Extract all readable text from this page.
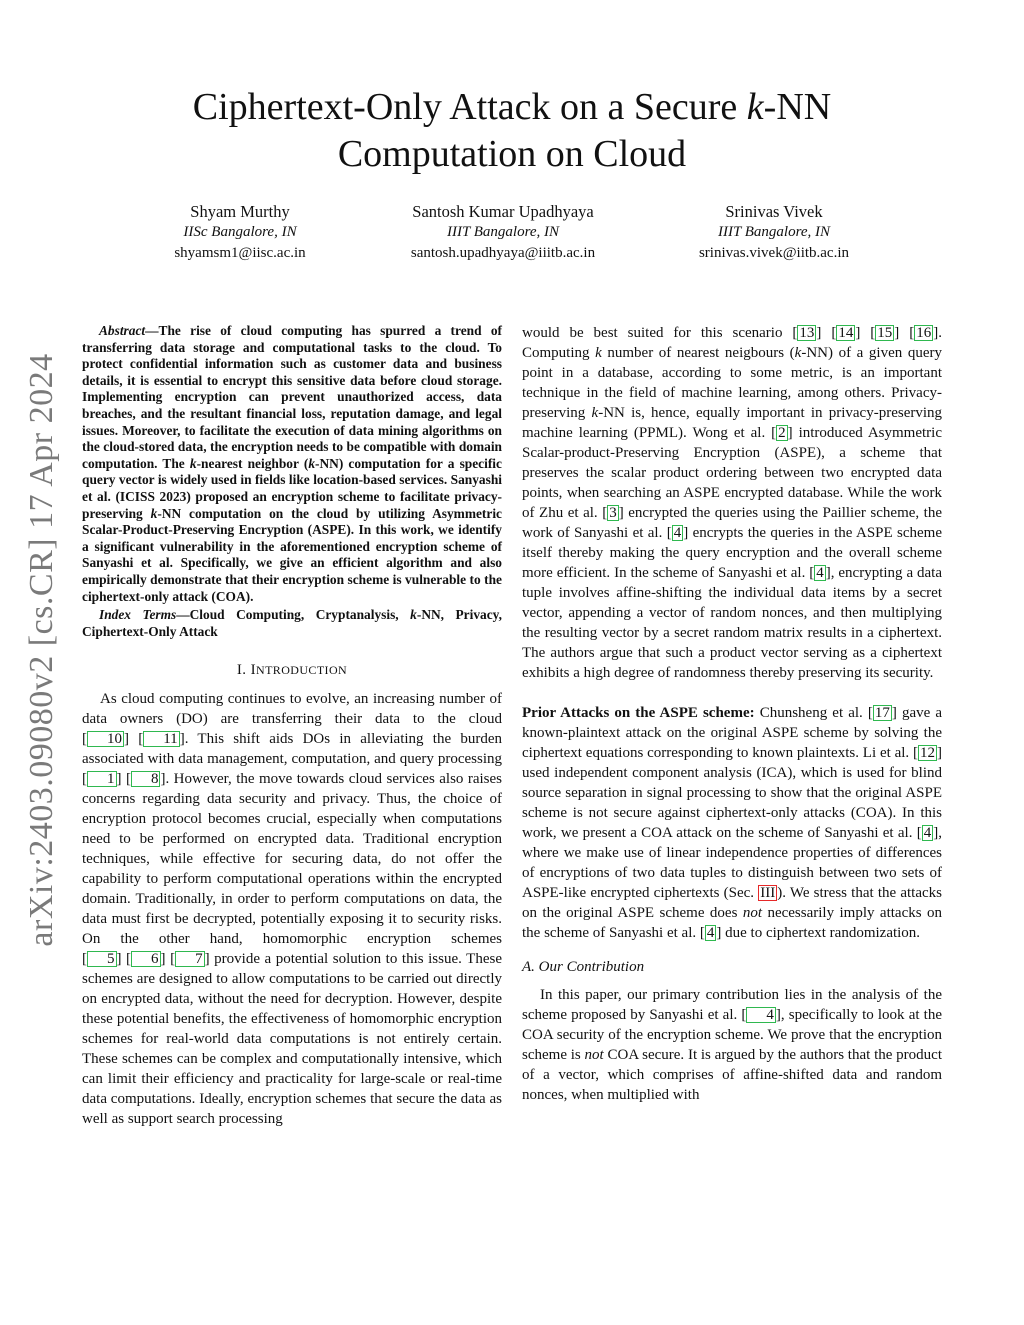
arXiv:2403.09080v2 [cs.CR] 17 Apr 2024
Ciphertext-Only Attack on a Secure k-NN
Computation on Cloud
Shyam Murthy
IISc Bangalore, IN
shyamsm1@iisc.ac.in
Santosh Kumar Upadhyaya
IIIT Bangalore, IN
santosh.upadhyaya@iiitb.ac.in
Srinivas Vivek
IIIT Bangalore, IN
srinivas.vivek@iitb.ac.in

Abstract—The rise of cloud computing has spurred a trend of transferring data storage and computational tasks to the cloud. To protect confidential information such as customer data and business details, it is essential to encrypt this sensitive data before cloud storage. Implementing encryption can prevent unauthorized access, data breaches, and the resultant financial loss, reputation damage, and legal issues. Moreover, to facilitate the execution of data mining algorithms on the cloud-stored data, the encryption needs to be compatible with domain computation. The k-nearest neighbor (k-NN) computation for a specific query vector is widely used in fields like location-based services. Sanyashi et al. (ICISS 2023) proposed an encryption scheme to facilitate privacy-preserving k-NN computation on the cloud by utilizing Asymmetric Scalar-Product-Preserving Encryption (ASPE). In this work, we identify a significant vulnerability in the aforementioned encryption scheme of Sanyashi et al. Specifically, we give an efficient algorithm and also empirically demonstrate that their encryption scheme is vulnerable to the ciphertext-only attack (COA).

Index Terms—Cloud Computing, Cryptanalysis, k-NN, Privacy, Ciphertext-Only Attack

I. INTRODUCTION

As cloud computing continues to evolve, an increasing number of data owners (DO) are transferring their data to the cloud [ 10 ] [ 11 ]. This shift aids DOs in alleviating the burden associated with data management, computation, and query processing [ 1 ] [ 8 ]. However, the move towards cloud services also raises concerns regarding data security and privacy. Thus, the choice of encryption protocol becomes crucial, especially when computations need to be performed on encrypted data. Traditional encryption techniques, while effective for securing data, do not offer the capability to perform computational operations within the encrypted domain. Traditionally, in order to perform computations on data, the data must first be decrypted, potentially exposing it to security risks. On the other hand, homomorphic encryption schemes [ 5 ] [ 6 ] [ 7 ] provide a potential solution to this issue. These schemes are designed to allow computations to be carried out directly on encrypted data, without the need for decryption. However, despite these potential benefits, the effectiveness of homomorphic encryption schemes for real-world data computations is not entirely certain. These schemes can be complex and computationally intensive, which can limit their efficiency and practicality for large-scale or real-time data computations. Ideally, encryption schemes that secure the data as well as support search processing

would be best suited for this scenario [ 13 ] [ 14 ] [ 15 ] [ 16 ]. Computing k number of nearest neigbours (k-NN) of a given query point in a database, according to some metric, is an important technique in the field of machine learning, among others. Privacy-preserving k-NN is, hence, equally important in privacy-preserving machine learning (PPML). Wong et al. [ 2 ] introduced Asymmetric Scalar-product-Preserving Encryption (ASPE), a scheme that preserves the scalar product ordering between two encrypted data points, when searching an ASPE encrypted database. While the work of Zhu et al. [ 3 ] encrypted the queries using the Paillier scheme, the work of Sanyashi et al. [ 4 ] encrypts the queries in the ASPE scheme itself thereby making the query encryption and the overall scheme more efficient. In the scheme of Sanyashi et al. [ 4 ], encrypting a data tuple involves affine-shifting the individual data items by a secret vector, appending a vector of random nonces, and then multiplying the resulting vector by a secret random matrix results in a ciphertext. The authors argue that such a product vector serving as a ciphertext exhibits a high degree of randomness thereby preserving its security.

Prior Attacks on the ASPE scheme: Chunsheng et al. [ 17 ] gave a known-plaintext attack on the original ASPE scheme by solving the ciphertext equations corresponding to known plaintexts. Li et al. [ 12 ] used independent component analysis (ICA), which is used for blind source separation in signal processing to show that the original ASPE scheme is not secure against ciphertext-only attacks (COA). In this work, we present a COA attack on the scheme of Sanyashi et al. [ 4 ], where we make use of linear independence properties of differences of encryptions of two data tuples to distinguish between two sets of ASPE-like encrypted ciphertexts (Sec. III ). We stress that the attacks on the original ASPE scheme does not necessarily imply attacks on the scheme of Sanyashi et al. [ 4 ] due to ciphertext randomization.

A. Our Contribution

In this paper, our primary contribution lies in the analysis of the scheme proposed by Sanyashi et al. [ 4 ], specifically to look at the COA security of the encryption scheme. We prove that the encryption scheme is not COA secure. It is argued by the authors that the product of a vector, which comprises of affine-shifted data and random nonces, when multiplied with
